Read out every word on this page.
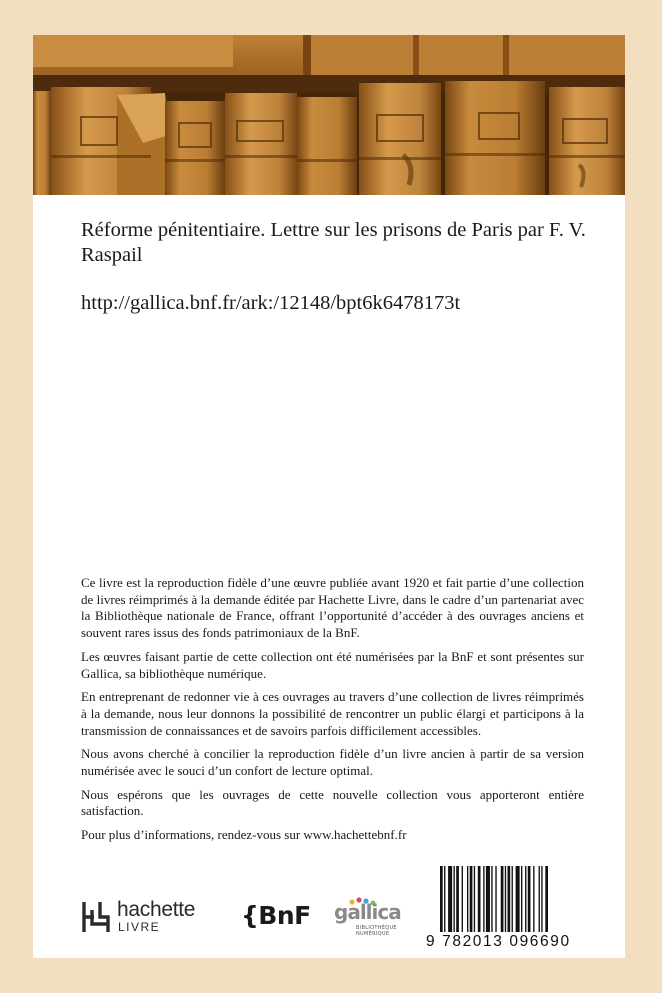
Réforme pénitentiaire. Lettre sur les prisons de Paris par F. V. Raspail

http://gallica.bnf.fr/ark:/12148/bpt6k6478173t

Ce livre est la reproduction fidèle d’une œuvre publiée avant 1920 et fait partie d’une collection de livres réimprimés à la demande éditée par Hachette Livre, dans le cadre d’un partenariat avec la Bibliothèque nationale de France, offrant l’opportunité d’accéder à des ouvrages anciens et souvent rares issus des fonds patrimoniaux de la BnF.

Les œuvres faisant partie de cette collection ont été numérisées par la BnF et sont présentes sur Gallica, sa bibliothèque numérique.

En entreprenant de redonner vie à ces ouvrages au travers d’une collection de livres réimprimés à la demande, nous leur donnons la possibilité de rencontrer un public élargi et participons à la transmission de connaissances et de savoirs parfois difficilement accessibles.

Nous avons cherché à concilier la reproduction fidèle d’un livre ancien à partir de sa version numérisée avec le souci d’un confort de lecture optimal.

Nous espérons que les ouvrages de cette nouvelle collection vous apporteront entière satisfaction.

Pour plus d’informations, rendez-vous sur www.hachettebnf.fr

hachette
LIVRE	{BnF gallica
BIBLIOTHÈQUE
NUMÉRIQUE	9 782013 096690
